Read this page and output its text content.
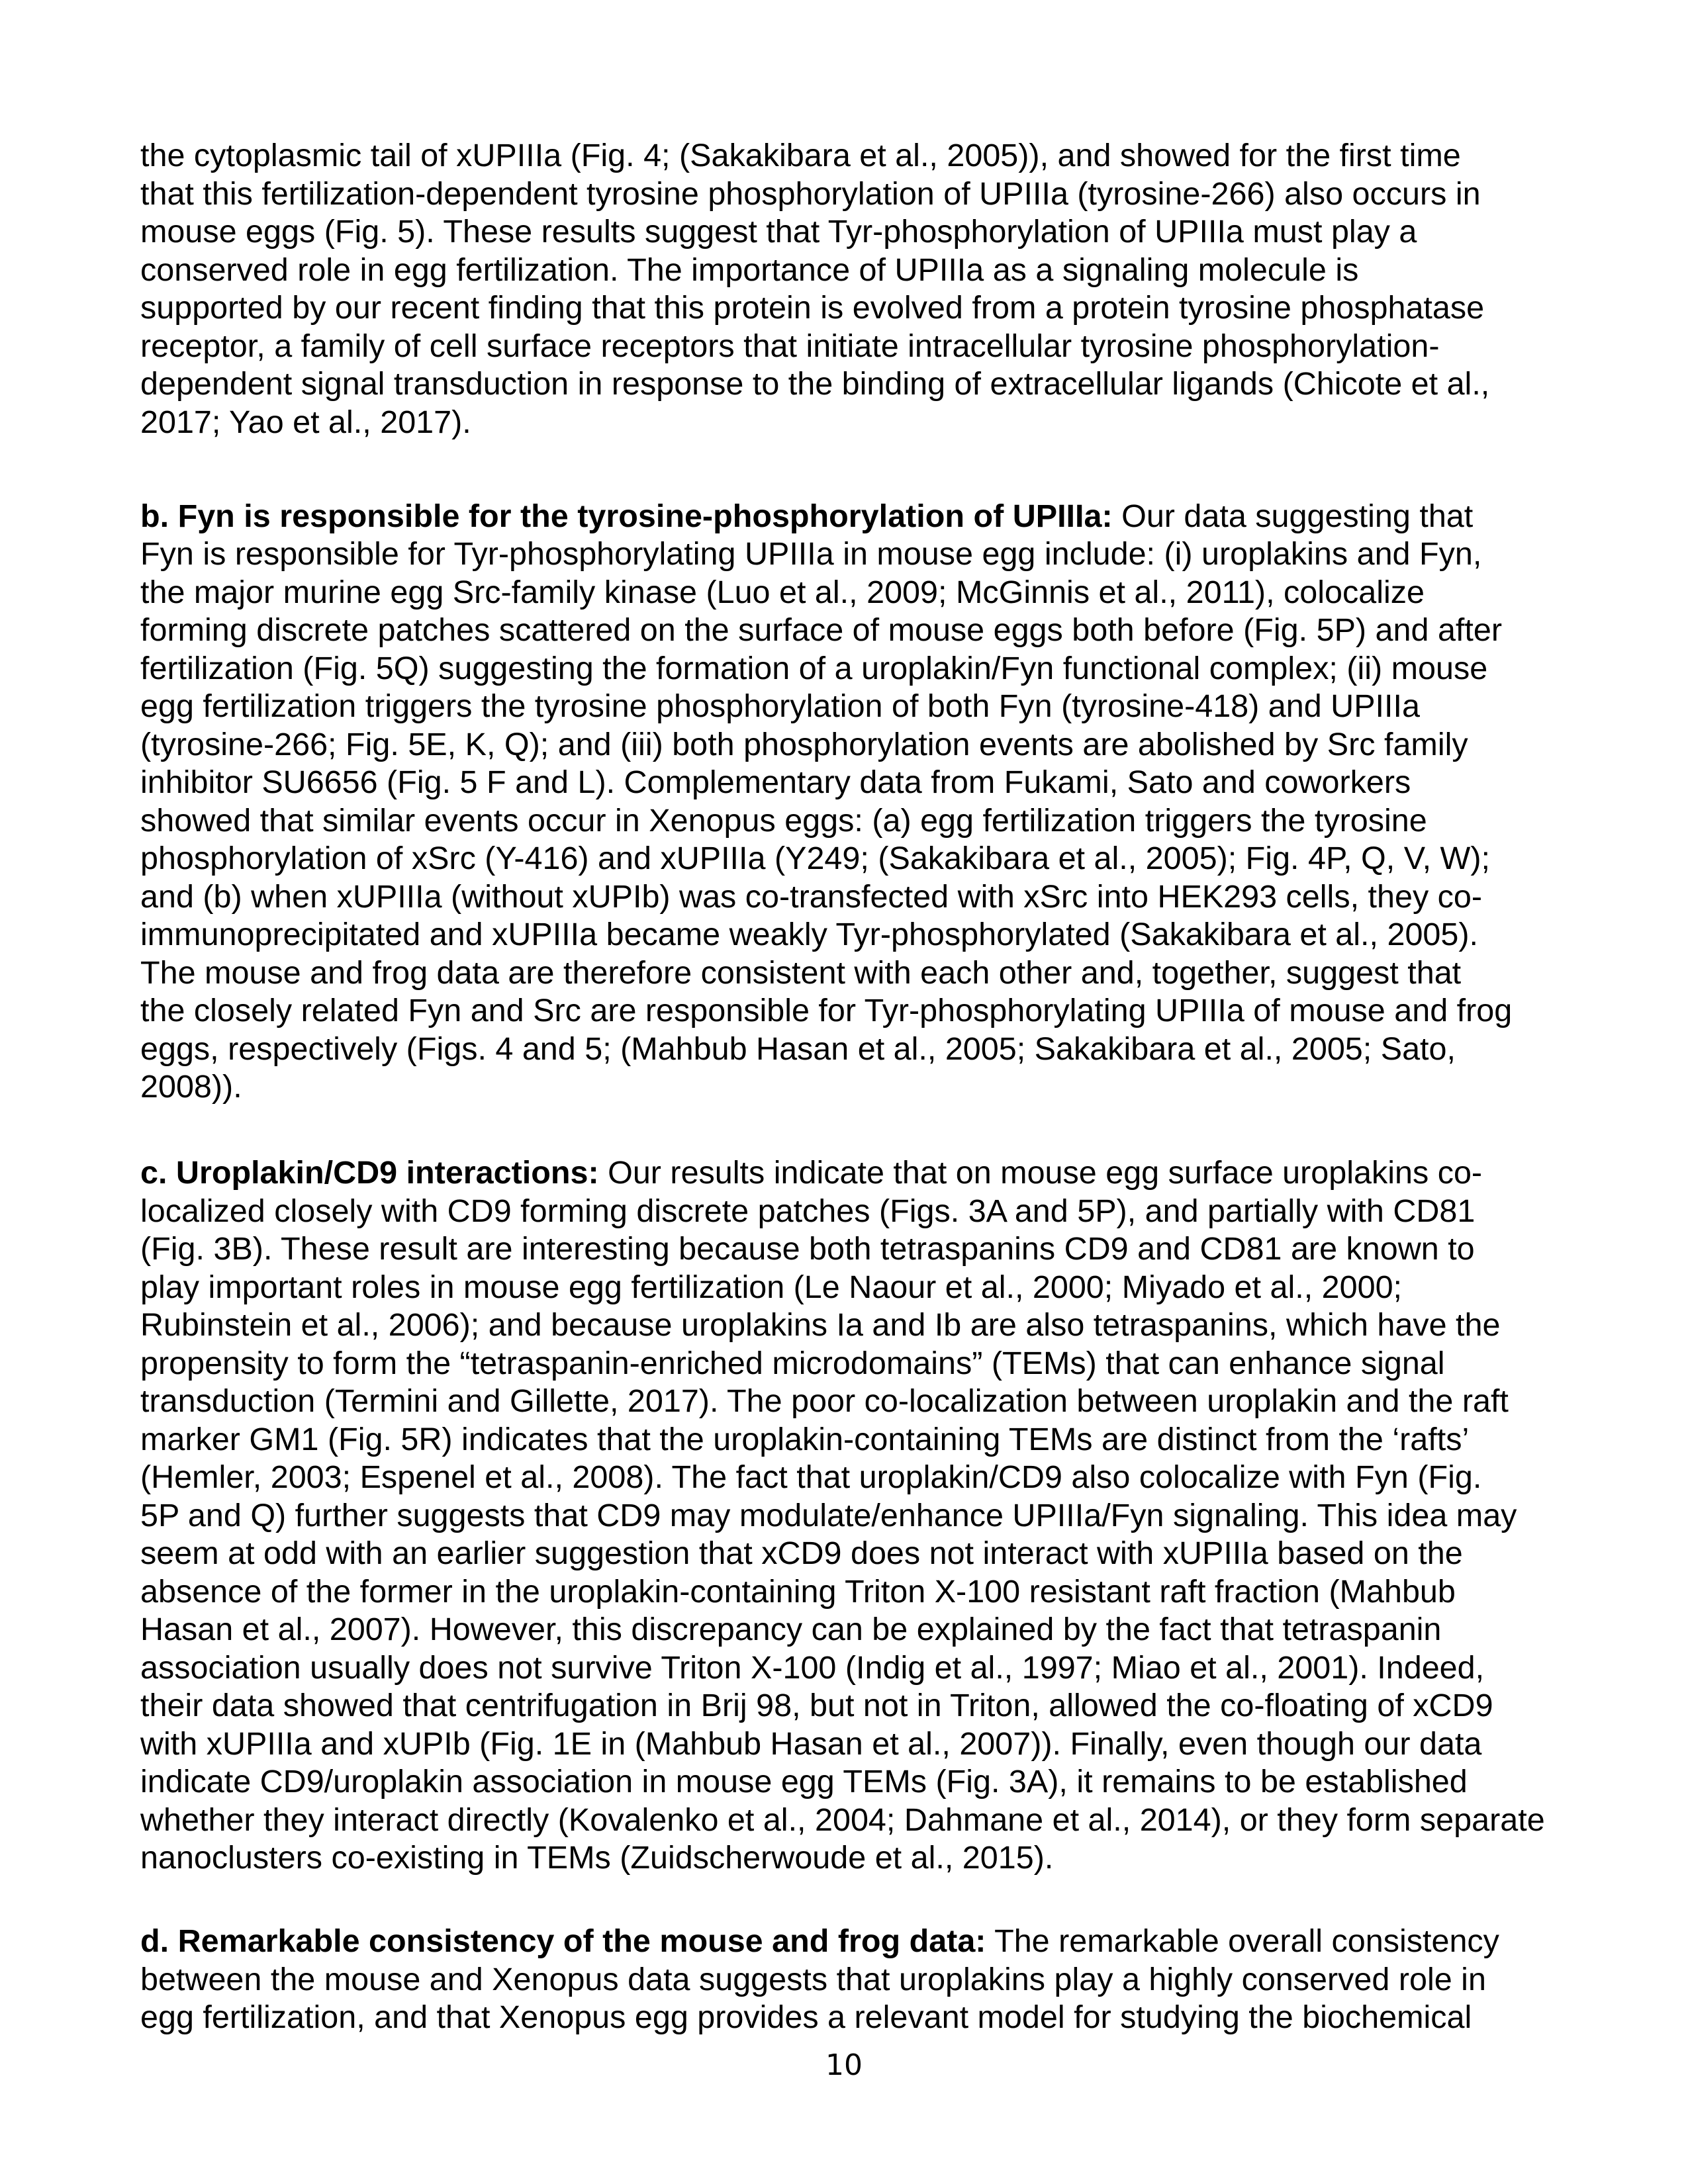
the cytoplasmic tail of xUPIIIa (Fig. 4; (Sakakibara et al., 2005)), and showed for the first time
that this fertilization-dependent tyrosine phosphorylation of UPIIIa (tyrosine-266) also occurs in
mouse eggs (Fig. 5). These results suggest that Tyr-phosphorylation of UPIIIa must play a
conserved role in egg fertilization. The importance of UPIIIa as a signaling molecule is
supported by our recent finding that this protein is evolved from a protein tyrosine phosphatase
receptor, a family of cell surface receptors that initiate intracellular tyrosine phosphorylation-
dependent signal transduction in response to the binding of extracellular ligands (Chicote et al.,
2017; Yao et al., 2017).
b. Fyn is responsible for the tyrosine-phosphorylation of UPIIIa: Our data suggesting that
Fyn is responsible for Tyr-phosphorylating UPIIIa in mouse egg include: (i) uroplakins and Fyn,
the major murine egg Src-family kinase (Luo et al., 2009; McGinnis et al., 2011), colocalize
forming discrete patches scattered on the surface of mouse eggs both before (Fig. 5P) and after
fertilization (Fig. 5Q) suggesting the formation of a uroplakin/Fyn functional complex; (ii) mouse
egg fertilization triggers the tyrosine phosphorylation of both Fyn (tyrosine-418) and UPIIIa
(tyrosine-266; Fig. 5E, K, Q); and (iii) both phosphorylation events are abolished by Src family
inhibitor SU6656 (Fig. 5 F and L). Complementary data from Fukami, Sato and coworkers
showed that similar events occur in Xenopus eggs: (a) egg fertilization triggers the tyrosine
phosphorylation of xSrc (Y-416) and xUPIIIa (Y249; (Sakakibara et al., 2005); Fig. 4P, Q, V, W);
and (b) when xUPIIIa (without xUPIb) was co-transfected with xSrc into HEK293 cells, they co-
immunoprecipitated and xUPIIIa became weakly Tyr-phosphorylated (Sakakibara et al., 2005).
The mouse and frog data are therefore consistent with each other and, together, suggest that
the closely related Fyn and Src are responsible for Tyr-phosphorylating UPIIIa of mouse and frog
eggs, respectively (Figs. 4 and 5; (Mahbub Hasan et al., 2005; Sakakibara et al., 2005; Sato,
2008)).
c. Uroplakin/CD9 interactions: Our results indicate that on mouse egg surface uroplakins co-
localized closely with CD9 forming discrete patches (Figs. 3A and 5P), and partially with CD81
(Fig. 3B). These result are interesting because both tetraspanins CD9 and CD81 are known to
play important roles in mouse egg fertilization (Le Naour et al., 2000; Miyado et al., 2000;
Rubinstein et al., 2006); and because uroplakins Ia and Ib are also tetraspanins, which have the
propensity to form the “tetraspanin-enriched microdomains” (TEMs) that can enhance signal
transduction (Termini and Gillette, 2017). The poor co-localization between uroplakin and the raft
marker GM1 (Fig. 5R) indicates that the uroplakin-containing TEMs are distinct from the ‘rafts’
(Hemler, 2003; Espenel et al., 2008). The fact that uroplakin/CD9 also colocalize with Fyn (Fig.
5P and Q) further suggests that CD9 may modulate/enhance UPIIIa/Fyn signaling. This idea may
seem at odd with an earlier suggestion that xCD9 does not interact with xUPIIIa based on the
absence of the former in the uroplakin-containing Triton X-100 resistant raft fraction (Mahbub
Hasan et al., 2007). However, this discrepancy can be explained by the fact that tetraspanin
association usually does not survive Triton X-100 (Indig et al., 1997; Miao et al., 2001). Indeed,
their data showed that centrifugation in Brij 98, but not in Triton, allowed the co-floating of xCD9
with xUPIIIa and xUPIb (Fig. 1E in (Mahbub Hasan et al., 2007)). Finally, even though our data
indicate CD9/uroplakin association in mouse egg TEMs (Fig. 3A), it remains to be established
whether they interact directly (Kovalenko et al., 2004; Dahmane et al., 2014), or they form separate
nanoclusters co-existing in TEMs (Zuidscherwoude et al., 2015).
d. Remarkable consistency of the mouse and frog data: The remarkable overall consistency
between the mouse and Xenopus data suggests that uroplakins play a highly conserved role in
egg fertilization, and that Xenopus egg provides a relevant model for studying the biochemical
10
